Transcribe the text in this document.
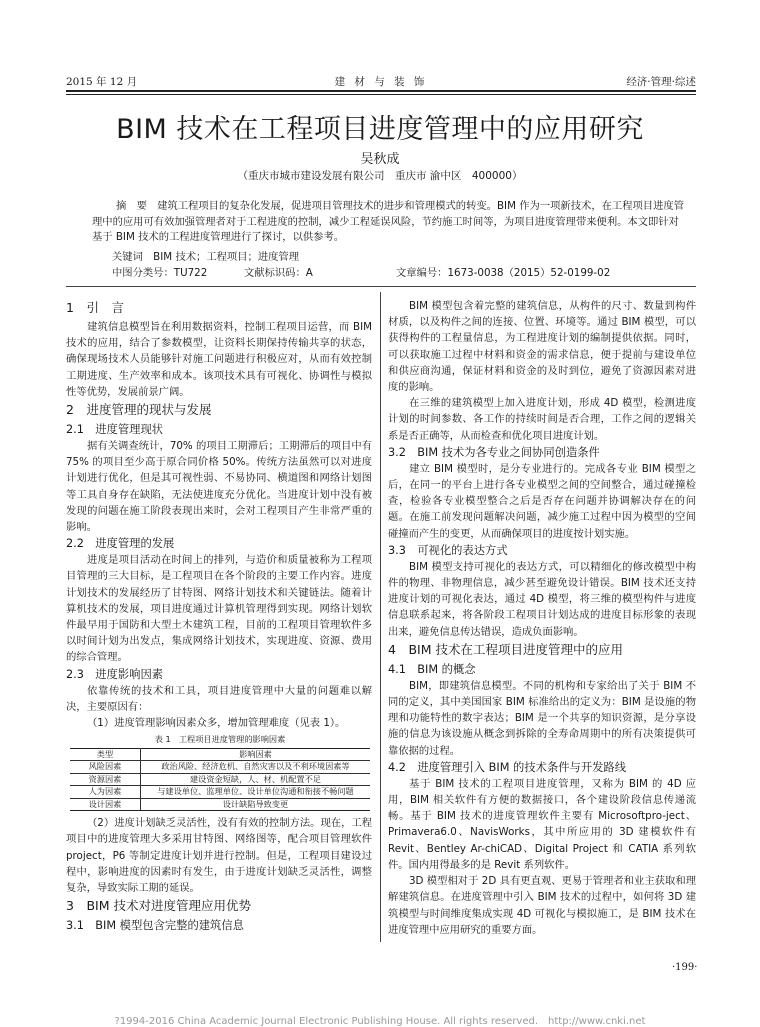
2015 年 12 月	建 材 与 装 饰	经济·管理·综述
BIM 技术在工程项目进度管理中的应用研究
吴秋成
（重庆市城市建设发展有限公司　重庆市 渝中区　400000）
摘　要　建筑工程项目的复杂化发展，促进项目管理技术的进步和管理模式的转变。BIM 作为一项新技术，在工程项目进度管理中的应用可有效加强管理者对于工程进度的控制，减少工程延误风险，节约施工时间等，为项目进度管理带来便利。本文即针对基于 BIM 技术的工程进度管理进行了探讨，以供参考。
关键词　BIM 技术；工程项目；进度管理
中图分类号：TU722	文献标识码：A	文章编号：1673-0038（2015）52-0199-02
1　引　言

建筑信息模型旨在利用数据资料，控制工程项目运营，而 BIM 技术的应用，结合了参数模型，让资料长期保持传输共享的状态，确保现场技术人员能够针对施工问题进行积极应对，从而有效控制工期进度、生产效率和成本。该项技术具有可视化、协调性与模拟性等优势，发展前景广阔。

2　进度管理的现状与发展
2.1　进度管理现状

据有关调查统计，70% 的项目工期滞后；工期滞后的项目中有 75% 的项目至少高于原合同价格 50%。传统方法虽然可以对进度计划进行优化，但是其可视性弱、不易协同、横道图和网络计划图等工具自身存在缺陷，无法使进度充分优化。当进度计划中没有被发现的问题在施工阶段表现出来时，会对工程项目产生非常严重的影响。

2.2　进度管理的发展

进度是项目活动在时间上的排列，与造价和质量被称为工程项目管理的三大目标，是工程项目在各个阶段的主要工作内容。进度计划技术的发展经历了甘特图、网络计划技术和关键链法。随着计算机技术的发展，项目进度通过计算机管理得到实现。网络计划软件最早用于国防和大型土木建筑工程，目前的工程项目管理软件多以时间计划为出发点，集成网络计划技术，实现进度、资源、费用的综合管理。

2.3　进度影响因素

依靠传统的技术和工具，项目进度管理中大量的问题难以解决，主要原因有：

（1）进度管理影响因素众多，增加管理难度（见表 1）。

表 1　工程项目进度管理的影响因素
类型	影响因素
风险因素	政治风险、经济危机、自然灾害以及不利环境因素等
资源因素	建设资金短缺，人、材、机配置不足
人为因素	与建设单位、监理单位、设计单位沟通和衔接不畅问题
设计因素	设计缺陷导致变更

（2）进度计划缺乏灵活性，没有有效的控制方法。现在，工程项目中的进度管理大多采用甘特图、网络图等，配合项目管理软件 project，P6 等制定进度计划并进行控制。但是，工程项目建设过程中，影响进度的因素时有发生，由于进度计划缺乏灵活性，调整复杂，导致实际工期的延误。

3　BIM 技术对进度管理应用优势
3.1　BIM 模型包含完整的建筑信息

BIM 模型包含着完整的建筑信息，从构件的尺寸、数量到构件材质，以及构件之间的连接、位置、环境等。通过 BIM 模型，可以获得构件的工程量信息，为工程进度计划的编制提供依据。同时，可以获取施工过程中材料和资金的需求信息，便于提前与建设单位和供应商沟通，保证材料和资金的及时到位，避免了资源因素对进度的影响。

在三维的建筑模型上加入进度计划，形成 4D 模型，检测进度计划的时间参数、各工作的持续时间是否合理，工作之间的逻辑关系是否正确等，从而检查和优化项目进度计划。

3.2　BIM 技术为各专业之间协同创造条件

建立 BIM 模型时，是分专业进行的。完成各专业 BIM 模型之后，在同一的平台上进行各专业模型之间的空间整合，通过碰撞检查，检验各专业模型整合之后是否存在问题并协调解决存在的问题。在施工前发现问题解决问题，减少施工过程中因为模型的空间碰撞而产生的变更，从而确保项目的进度按计划实施。

3.3　可视化的表达方式

BIM 模型支持可视化的表达方式，可以精细化的修改模型中构件的物理、非物理信息，减少甚至避免设计错误。BIM 技术还支持进度计划的可视化表达，通过 4D 模型，将三维的模型构件与进度信息联系起来，将各阶段工程项目计划达成的进度目标形象的表现出来，避免信息传达错误，造成负面影响。

4　BIM 技术在工程项目进度管理中的应用
4.1　BIM 的概念

BIM，即建筑信息模型。不同的机构和专家给出了关于 BIM 不同的定义，其中美国国家 BIM 标准给出的定义为：BIM 是设施的物理和功能特性的数字表达；BIM 是一个共享的知识资源，是分享设施的信息为该设施从概念到拆除的全寿命周期中的所有决策提供可靠依据的过程。

4.2　进度管理引入 BIM 的技术条件与开发路线

基于 BIM 技术的工程项目进度管理，又称为 BIM 的 4D 应用，BIM 相关软件有方便的数据接口，各个建设阶段信息传递流畅。基于 BIM 技术的进度管理软件主要有 Microsoftpro-ject、Primavera6.0、NavisWorks，其中所应用的 3D 建模软件有 Revit、Bentley Ar-chiCAD、Digital Project 和 CATIA 系列软件。国内用得最多的是 Revit 系列软件。

3D 模型相对于 2D 具有更直观、更易于管理者和业主获取和理解建筑信息。在进度管理中引入 BIM 技术的过程中，如何将 3D 建筑模型与时间维度集成实现 4D 可视化与模拟施工，是 BIM 技术在进度管理中应用研究的重要方面。

·199·
?1994-2016 China Academic Journal Electronic Publishing House. All rights reserved.　http://www.cnki.net
